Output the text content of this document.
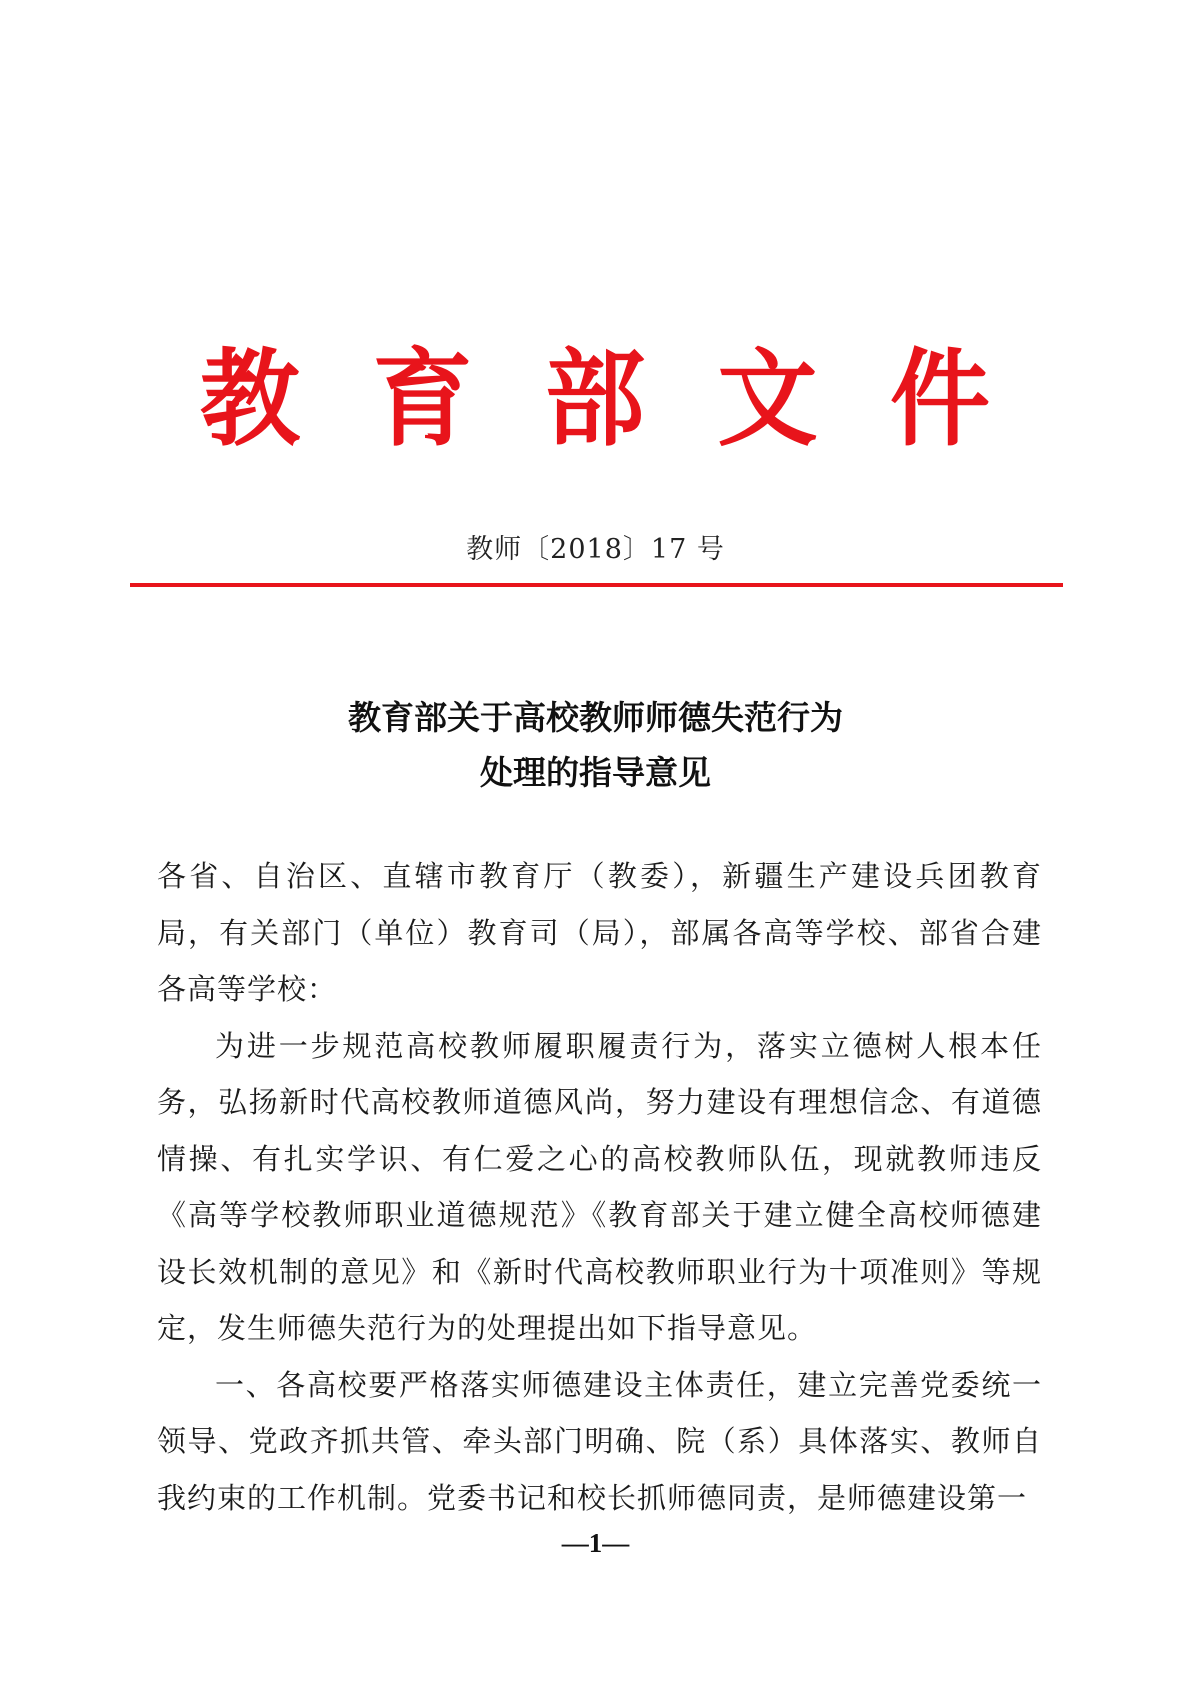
教 育 部 文 件
教师〔2018〕17 号
教育部关于高校教师师德失范行为
处理的指导意见

各省、自治区、直辖市教育厅（教委），新疆生产建设兵团教育局，有关部门（单位）教育司（局），部属各高等学校、部省合建各高等学校：

为进一步规范高校教师履职履责行为，落实立德树人根本任务，弘扬新时代高校教师道德风尚，努力建设有理想信念、有道德情操、有扎实学识、有仁爱之心的高校教师队伍，现就教师违反《高等学校教师职业道德规范》《教育部关于建立健全高校师德建设长效机制的意见》和《新时代高校教师职业行为十项准则》等规定，发生师德失范行为的处理提出如下指导意见。

一、各高校要严格落实师德建设主体责任，建立完善党委统一领导、党政齐抓共管、牵头部门明确、院（系）具体落实、教师自我约束的工作机制。党委书记和校长抓师德同责，是师德建设第一

—1—
